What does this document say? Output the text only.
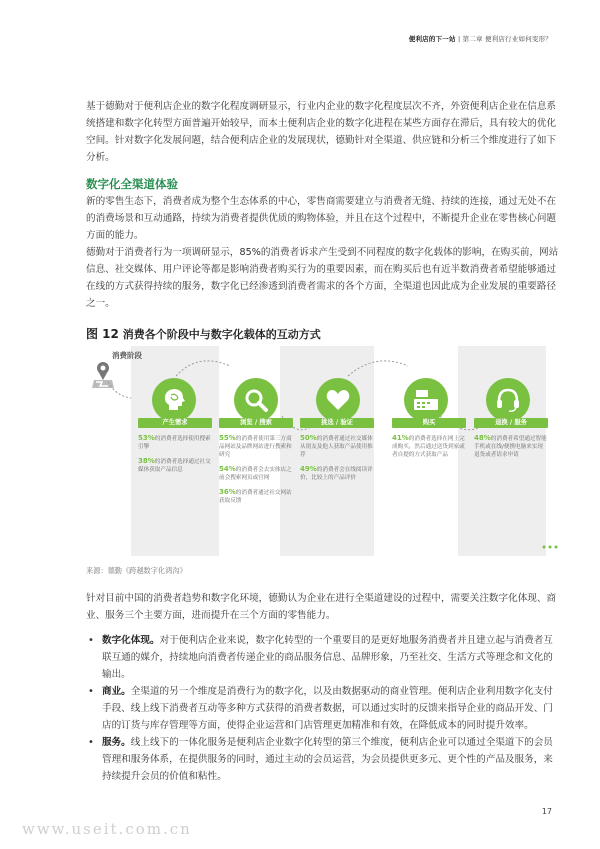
便利店的下一站 | 第二章 便利店行业如何变形？

基于德勤对于便利店企业的数字化程度调研显示，行业内企业的数字化程度层次不齐，外资便利店企业在信息系统搭建和数字化转型方面普遍开始较早，而本土便利店企业的数字化进程在某些方面存在滞后，具有较大的优化空间。针对数字化发展问题，结合便利店企业的发展现状，德勤针对全渠道、供应链和分析三个维度进行了如下分析。

数字化全渠道体验

新的零售生态下，消费者成为整个生态体系的中心，零售商需要建立与消费者无缝、持续的连接，通过无处不在的消费场景和互动通路，持续为消费者提供优质的购物体验，并且在这个过程中，不断提升企业在零售核心问题方面的能力。

德勤对于消费者行为一项调研显示，85%的消费者诉求产生受到不同程度的数字化载体的影响，在购买前，网站信息、社交媒体、用户评论等都是影响消费者购买行为的重要因素，而在购买后也有近半数消费者希望能够通过在线的方式获得持续的服务，数字化已经渗透到消费者需求的各个方面，全渠道也因此成为企业发展的重要路径之一。

图 12 消费各个阶段中与数字化载体的互动方式
消费阶段
产生需求
53%的消费者选择使用搜索引擎
38%的消费者选择通过社交媒体获取产品信息
浏览 / 搜索
55%的消费者使用第三方商品网站及品牌网站进行搜索和研究
54%的消费者会去实体店之前会搜索网页或官网
36%的消费者通过社交网站获取反馈
挑选 / 验证
50%的消费者通过社交媒体从朋友及他人获取产品使用推荐
49%的消费者会在线阅读评价，比较上的产品评价
购买
41%的消费者选择在网上完成购买，然后通过送货到家或者自提的方式获取产品
退换 / 服务
48%的消费者希望通过智能手机或在线/便携电脑来实现退货或者请求申请
来源：德勤《跨越数字化鸿沟》

针对目前中国的消费者趋势和数字化环境，德勤认为企业在进行全渠道建设的过程中，需要关注数字化体现、商业、服务三个主要方面，进而提升在三个方面的零售能力。

• 数字化体现。对于便利店企业来说，数字化转型的一个重要目的是更好地服务消费者并且建立起与消费者互联互通的媒介，持续地向消费者传递企业的商品服务信息、品牌形象，乃至社交、生活方式等理念和文化的输出。
• 商业。全渠道的另一个维度是消费行为的数字化，以及由数据驱动的商业管理。便利店企业利用数字化支付手段、线上线下消费者互动等多种方式获得的消费者数据，可以通过实时的反馈来指导企业的商品开发、门店的订货与库存管理等方面，使得企业运营和门店管理更加精准和有效，在降低成本的同时提升效率。
• 服务。线上线下的一体化服务是便利店企业数字化转型的第三个维度，便利店企业可以通过全渠道下的会员管理和服务体系，在提供服务的同时，通过主动的会员运营，为会员提供更多元、更个性的产品及服务，来持续提升会员的价值和粘性。
17
www.useit.com.cn
